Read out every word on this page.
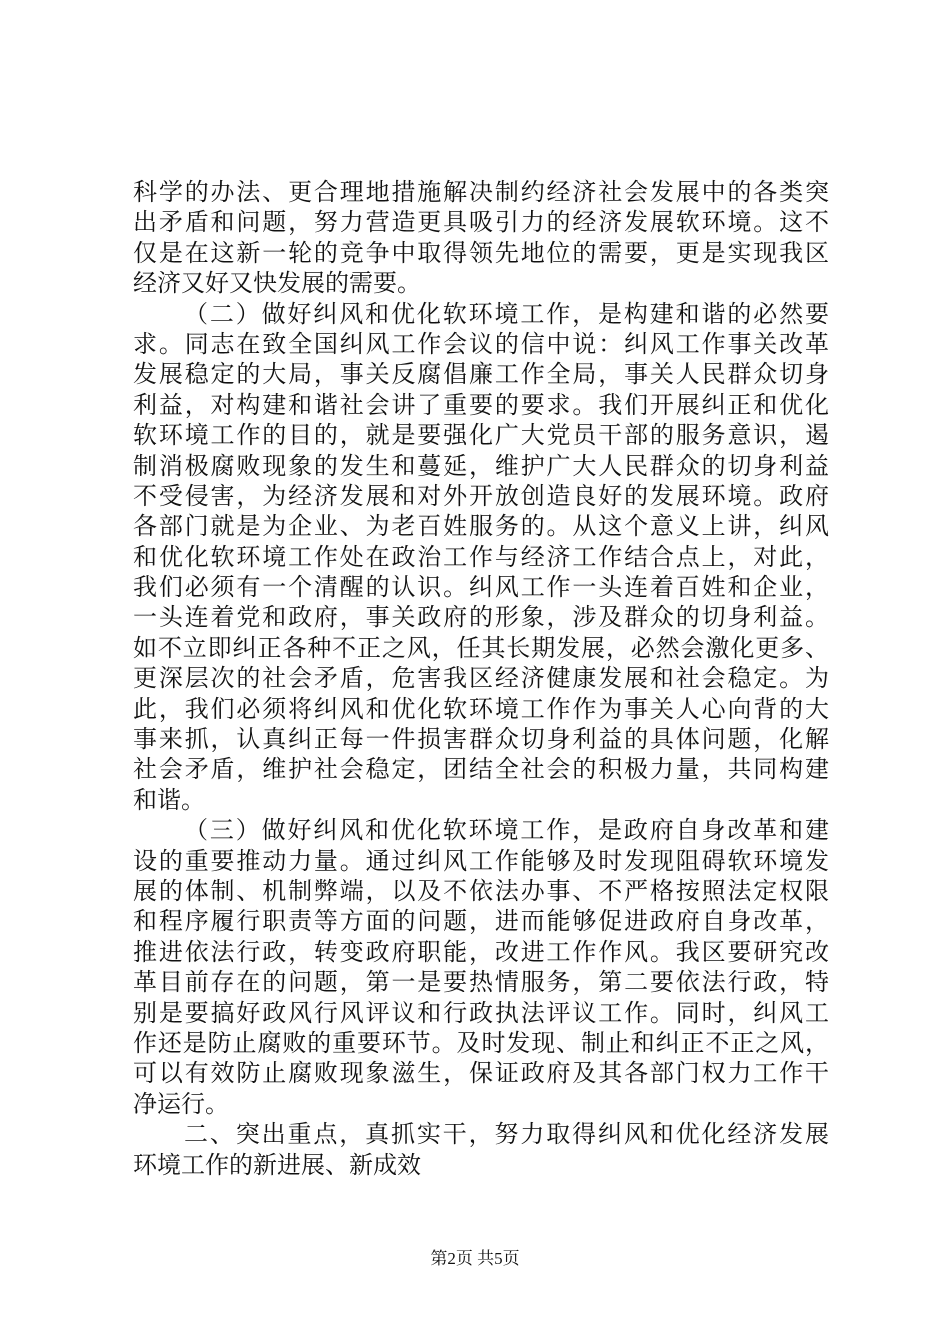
科学的办法、更合理地措施解决制约经济社会发展中的各类突
出矛盾和问题，努力营造更具吸引力的经济发展软环境。这不
仅是在这新一轮的竞争中取得领先地位的需要，更是实现我区
经济又好又快发展的需要。
（二）做好纠风和优化软环境工作，是构建和谐的必然要
求。同志在致全国纠风工作会议的信中说：纠风工作事关改革
发展稳定的大局，事关反腐倡廉工作全局，事关人民群众切身
利益，对构建和谐社会讲了重要的要求。我们开展纠正和优化
软环境工作的目的，就是要强化广大党员干部的服务意识，遏
制消极腐败现象的发生和蔓延，维护广大人民群众的切身利益
不受侵害，为经济发展和对外开放创造良好的发展环境。政府
各部门就是为企业、为老百姓服务的。从这个意义上讲，纠风
和优化软环境工作处在政治工作与经济工作结合点上，对此，
我们必须有一个清醒的认识。纠风工作一头连着百姓和企业，
一头连着党和政府，事关政府的形象，涉及群众的切身利益。
如不立即纠正各种不正之风，任其长期发展，必然会激化更多、
更深层次的社会矛盾，危害我区经济健康发展和社会稳定。为
此，我们必须将纠风和优化软环境工作作为事关人心向背的大
事来抓，认真纠正每一件损害群众切身利益的具体问题，化解
社会矛盾，维护社会稳定，团结全社会的积极力量，共同构建
和谐。
（三）做好纠风和优化软环境工作，是政府自身改革和建
设的重要推动力量。通过纠风工作能够及时发现阻碍软环境发
展的体制、机制弊端，以及不依法办事、不严格按照法定权限
和程序履行职责等方面的问题，进而能够促进政府自身改革，
推进依法行政，转变政府职能，改进工作作风。我区要研究改
革目前存在的问题，第一是要热情服务，第二要依法行政，特
别是要搞好政风行风评议和行政执法评议工作。同时，纠风工
作还是防止腐败的重要环节。及时发现、制止和纠正不正之风，
可以有效防止腐败现象滋生，保证政府及其各部门权力工作干
净运行。
二、突出重点，真抓实干，努力取得纠风和优化经济发展
环境工作的新进展、新成效
第2页 共5页
